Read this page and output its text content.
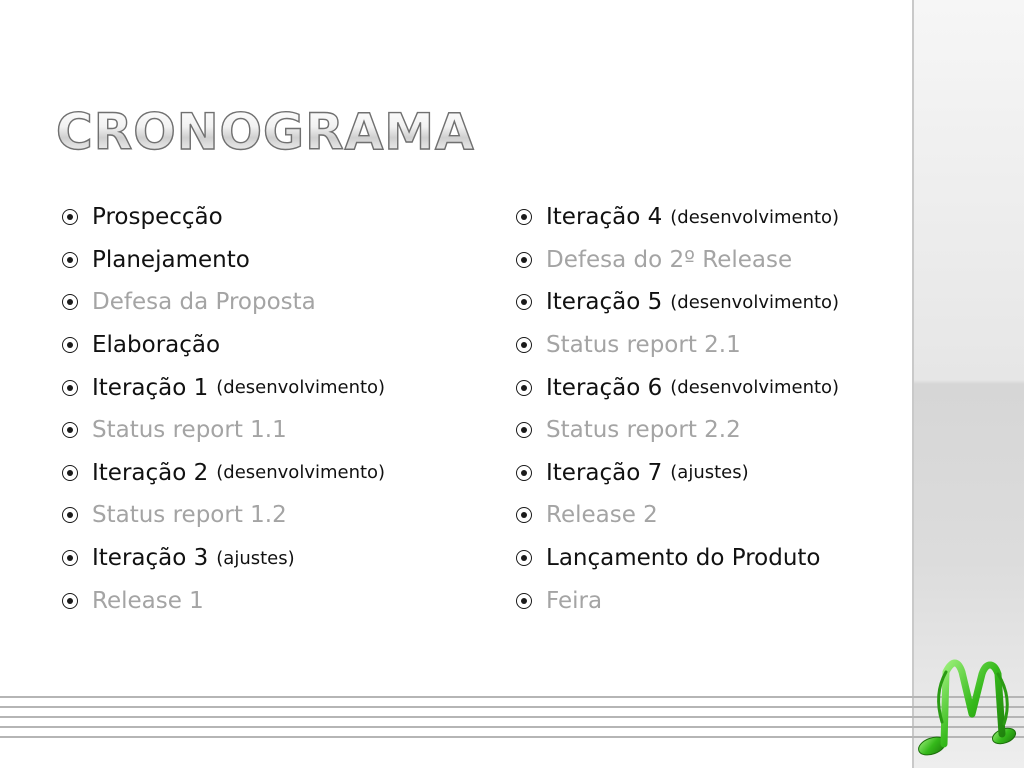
CRONOGRAMA
Prospecção
Planejamento
Defesa da Proposta
Elaboração
Iteração 1 (desenvolvimento)
Status report 1.1
Iteração 2 (desenvolvimento)
Status report 1.2
Iteração 3 (ajustes)
Release 1
Iteração 4 (desenvolvimento)
Defesa do 2º Release
Iteração 5 (desenvolvimento)
Status report 2.1
Iteração 6 (desenvolvimento)
Status report 2.2
Iteração 7 (ajustes)
Release 2
Lançamento do Produto
Feira
